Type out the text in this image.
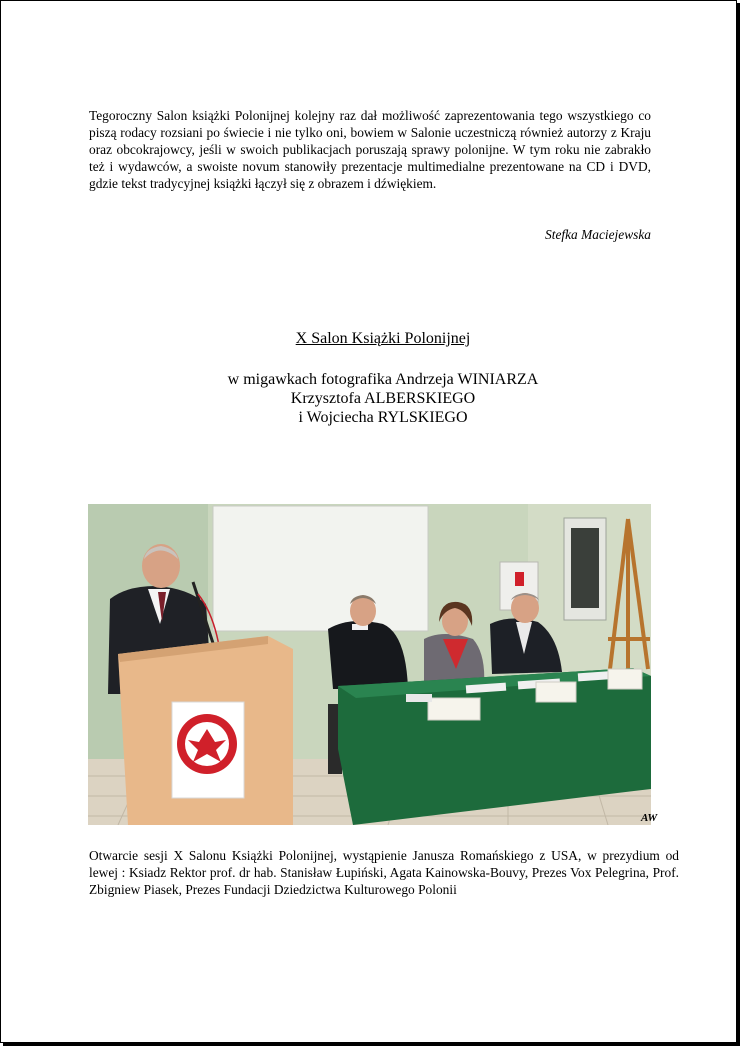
Tegoroczny Salon książki Polonijnej kolejny raz dał możliwość zaprezentowania tego wszystkiego co piszą rodacy rozsiani po świecie i nie tylko oni, bowiem w Salonie uczestniczą również autorzy z Kraju oraz obcokrajowcy, jeśli w swoich publikacjach poruszają sprawy polonijne. W tym roku nie zabrakło też i wydawców, a swoiste novum stanowiły prezentacje multimedialne prezentowane na CD i DVD, gdzie tekst tradycyjnej książki łączył się z obrazem i dźwiękiem.

Stefka Maciejewska

X Salon Książki Polonijnej
w migawkach fotografika Andrzeja WINIARZA
Krzysztofa ALBERSKIEGO
i Wojciecha RYLSKIEGO
AW

Otwarcie sesji X Salonu Książki Polonijnej, wystąpienie Janusza Romańskiego z USA, w prezydium od lewej : Ksiadz Rektor prof. dr hab. Stanisław Łupiński, Agata Kainowska-Bouvy, Prezes Vox Pelegrina, Prof. Zbigniew Piasek, Prezes Fundacji Dziedzictwa Kulturowego Polonii
